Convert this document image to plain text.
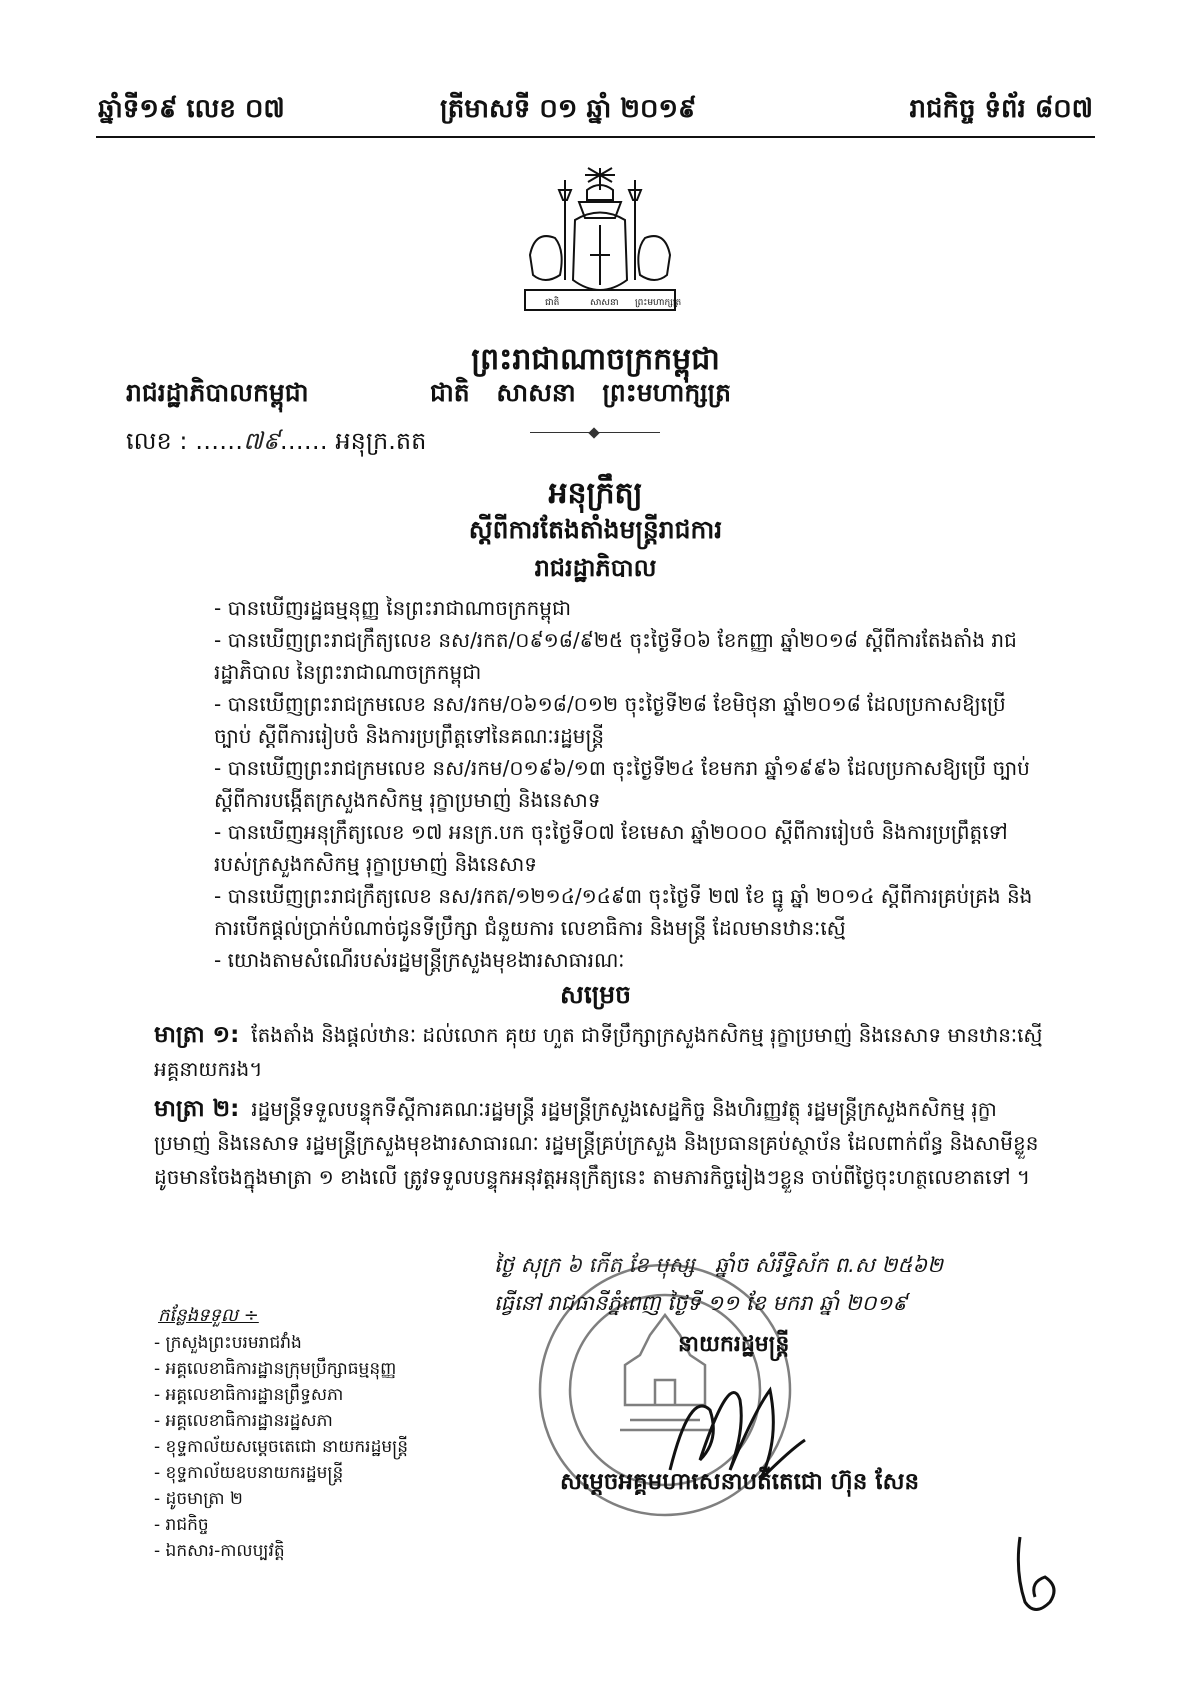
ឆ្នាំទី១៩ លេខ ០៧	ត្រីមាសទី ០១ ឆ្នាំ ២០១៩	រាជកិច្ច ទំព័រ ៨០៧
ជាតិ	សាសនា ព្រះមហាក្សត្រ
ព្រះរាជាណាចក្រកម្ពុជា
រាជរដ្ឋាភិបាលកម្ពុជា	ជាតិ សាសនា ព្រះមហាក្សត្រ
លេខ : ……៧៩…… អនុក្រ.តត
អនុក្រឹត្យ
ស្តីពីការតែងតាំងមន្ត្រីរាជការ
រាជរដ្ឋាភិបាល
- បានឃើញរដ្ឋធម្មនុញ្ញ នៃព្រះរាជាណាចក្រកម្ពុជា
- បានឃើញព្រះរាជក្រឹត្យលេខ នស/រកត/០៩១៨/៩២៥ ចុះថ្ងៃទី០៦ ខែកញ្ញា ឆ្នាំ២០១៨ ស្តីពីការតែងតាំង រាជរដ្ឋាភិបាល នៃព្រះរាជាណាចក្រកម្ពុជា
- បានឃើញព្រះរាជក្រមលេខ នស/រកម/០៦១៨/០១២ ចុះថ្ងៃទី២៨ ខែមិថុនា ឆ្នាំ២០១៨ ដែលប្រកាសឱ្យប្រើ ច្បាប់ ស្តីពីការរៀបចំ និងការប្រព្រឹត្តទៅនៃគណៈរដ្ឋមន្ត្រី
- បានឃើញព្រះរាជក្រមលេខ នស/រកម/០១៩៦/១៣ ចុះថ្ងៃទី២៤ ខែមករា ឆ្នាំ១៩៩៦ ដែលប្រកាសឱ្យប្រើ ច្បាប់ ស្តីពីការបង្កើតក្រសួងកសិកម្ម រុក្ខាប្រមាញ់ និងនេសាទ
- បានឃើញអនុក្រឹត្យលេខ ១៧ អនក្រ.បក ចុះថ្ងៃទី០៧ ខែមេសា ឆ្នាំ២០០០ ស្តីពីការរៀបចំ និងការប្រព្រឹត្តទៅ របស់ក្រសួងកសិកម្ម រុក្ខាប្រមាញ់ និងនេសាទ
- បានឃើញព្រះរាជក្រឹត្យលេខ នស/រកត/១២១៤/១៤៩៣ ចុះថ្ងៃទី ២៧ ខែ ធ្នូ ឆ្នាំ ២០១៤ ស្តីពីការគ្រប់គ្រង និងការបើកផ្តល់ប្រាក់បំណាច់ជូនទីប្រឹក្សា ជំនួយការ លេខាធិការ និងមន្ត្រី ដែលមានឋានៈស្មើ
- យោងតាមសំណើរបស់រដ្ឋមន្ត្រីក្រសួងមុខងារសាធារណៈ
សម្រេច
មាត្រា ១: តែងតាំង និងផ្តល់ឋានៈ ដល់លោក គុយ ហួត ជាទីប្រឹក្សាក្រសួងកសិកម្ម រុក្ខាប្រមាញ់ និងនេសាទ មានឋានៈស្មើ អគ្គនាយករង។
មាត្រា ២: រដ្ឋមន្ត្រីទទួលបន្ទុកទីស្តីការគណៈរដ្ឋមន្ត្រី រដ្ឋមន្ត្រីក្រសួងសេដ្ឋកិច្ច និងហិរញ្ញវត្ថុ រដ្ឋមន្ត្រីក្រសួងកសិកម្ម រុក្ខាប្រមាញ់ និងនេសាទ រដ្ឋមន្ត្រីក្រសួងមុខងារសាធារណៈ រដ្ឋមន្ត្រីគ្រប់ក្រសួង និងប្រធានគ្រប់ស្ថាប័ន ដែលពាក់ព័ន្ធ និងសាមីខ្លួនដូចមានចែងក្នុងមាត្រា ១ ខាងលើ ត្រូវទទួលបន្ទុកអនុវត្តអនុក្រឹត្យនេះ តាមភារកិច្ចរៀងៗខ្លួន ចាប់ពីថ្ងៃចុះហត្ថលេខាតទៅ ។
ថ្ងៃ សុក្រ ៦ កើត ខែ បុស្ស ឆ្នាំច សំរឹទ្ធិស័ក ព.ស ២៥៦២
ធ្វើនៅ រាជធានីភ្នំពេញ ថ្ងៃទី ១១ ខែ មករា ឆ្នាំ ២០១៩
នាយករដ្ឋមន្ត្រី
សម្តេចអគ្គមហាសេនាបតីតេជោ ហ៊ុន សែន
កន្លែងទទួល ÷
- ក្រសួងព្រះបរមរាជវាំង
- អគ្គលេខាធិការដ្ឋានក្រុមប្រឹក្សាធម្មនុញ្ញ
- អគ្គលេខាធិការដ្ឋានព្រឹទ្ធសភា
- អគ្គលេខាធិការដ្ឋានរដ្ឋសភា
- ខុទ្ទកាល័យសម្តេចតេជោ នាយករដ្ឋមន្ត្រី
- ខុទ្ទកាល័យឧបនាយករដ្ឋមន្ត្រី
- ដូចមាត្រា ២
- រាជកិច្ច
- ឯកសារ-កាលប្បវត្តិ
